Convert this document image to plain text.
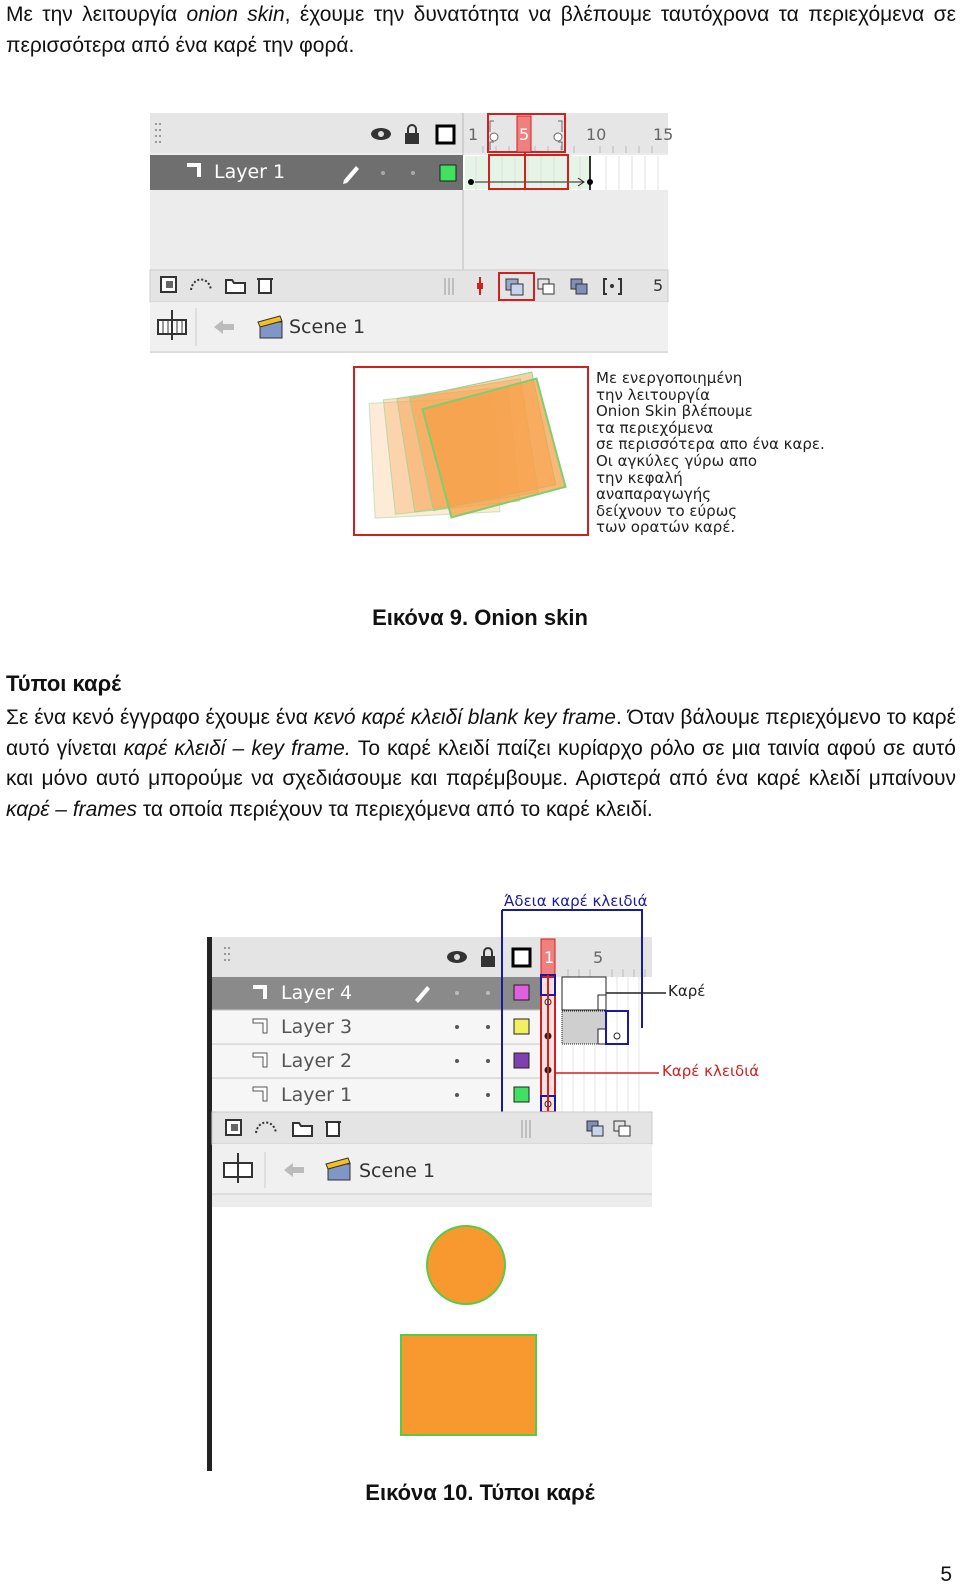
Με την λειτουργία onion skin, έχουμε την δυνατότητα να βλέπουμε ταυτόχρονα τα περιεχόμενα σε περισσότερα από ένα καρέ την φορά.
Layer 1
1	5	10	15
5
Scene 1
Με ενεργοποιημένη
την λειτουργία
Onion Skin βλέπουμε
τα περιεχόμενα
σε περισσότερα απο ένα καρε.
Οι αγκύλες γύρω απο
την κεφαλή
αναπαραγωγής
δείχνουν το εύρως
των ορατών καρέ.
Εικόνα 9. Onion skin
Τύποι καρέ
Σε ένα κενό έγγραφο έχουμε ένα κενό καρέ κλειδί blank key frame. Όταν βάλουμε περιεχόμενο το καρέ αυτό γίνεται καρέ κλειδί – key frame. Το καρέ κλειδί παίζει κυρίαρχο ρόλο σε μια ταινία αφού σε αυτό και μόνο αυτό μπορούμε να σχεδιάσουμε και παρέμβουμε. Αριστερά από ένα καρέ κλειδί μπαίνουν καρέ – frames τα οποία περιέχουν τα περιεχόμενα από το καρέ κλειδί.
Layer 4
Layer 3
Layer 2
Layer 1
1 5
Scene 1
Άδεια καρέ κλειδιά
Καρέ
Καρέ κλειδιά
Εικόνα 10. Τύποι καρέ
5
